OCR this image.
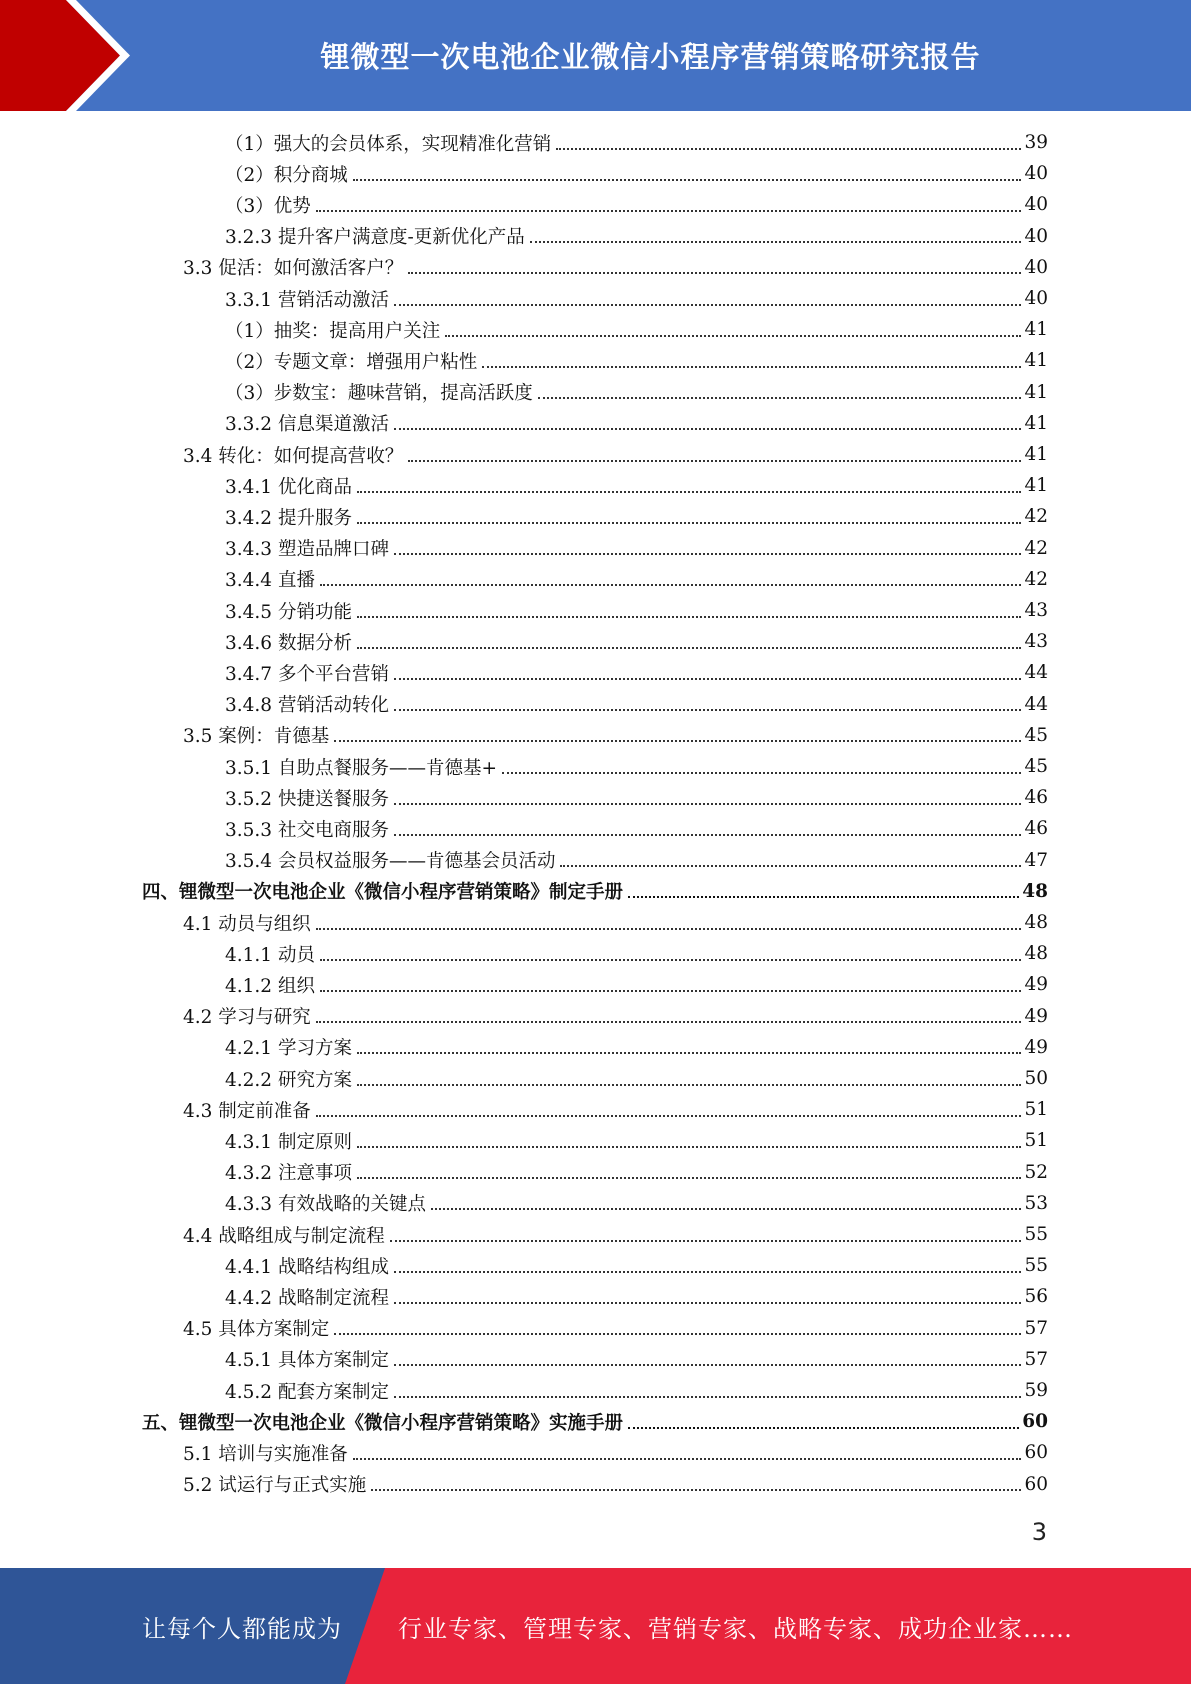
锂微型一次电池企业微信小程序营销策略研究报告
（1）强大的会员体系，实现精准化营销	39
（2）积分商城	40
（3）优势	40
3.2.3 提升客户满意度-更新优化产品	40
3.3 促活：如何激活客户？	40
3.3.1 营销活动激活	40
（1）抽奖：提高用户关注	41
（2）专题文章：增强用户粘性	41
（3）步数宝：趣味营销，提高活跃度	41
3.3.2 信息渠道激活	41
3.4 转化：如何提高营收？	41
3.4.1 优化商品	41
3.4.2 提升服务	42
3.4.3 塑造品牌口碑	42
3.4.4 直播	42
3.4.5 分销功能	43
3.4.6 数据分析	43
3.4.7 多个平台营销	44
3.4.8 营销活动转化	44
3.5 案例：肯德基	45
3.5.1 自助点餐服务——肯德基+	45
3.5.2 快捷送餐服务	46
3.5.3 社交电商服务	46
3.5.4 会员权益服务——肯德基会员活动	47
四、锂微型一次电池企业《微信小程序营销策略》制定手册	48
4.1 动员与组织	48
4.1.1 动员	48
4.1.2 组织	49
4.2 学习与研究	49
4.2.1 学习方案	49
4.2.2 研究方案	50
4.3 制定前准备	51
4.3.1 制定原则	51
4.3.2 注意事项	52
4.3.3 有效战略的关键点	53
4.4 战略组成与制定流程	55
4.4.1 战略结构组成	55
4.4.2 战略制定流程	56
4.5 具体方案制定	57
4.5.1 具体方案制定	57
4.5.2 配套方案制定	59
五、锂微型一次电池企业《微信小程序营销策略》实施手册	60
5.1 培训与实施准备	60
5.2 试运行与正式实施	60
3
让每个人都能成为 行业专家、管理专家、营销专家、战略专家、成功企业家……
